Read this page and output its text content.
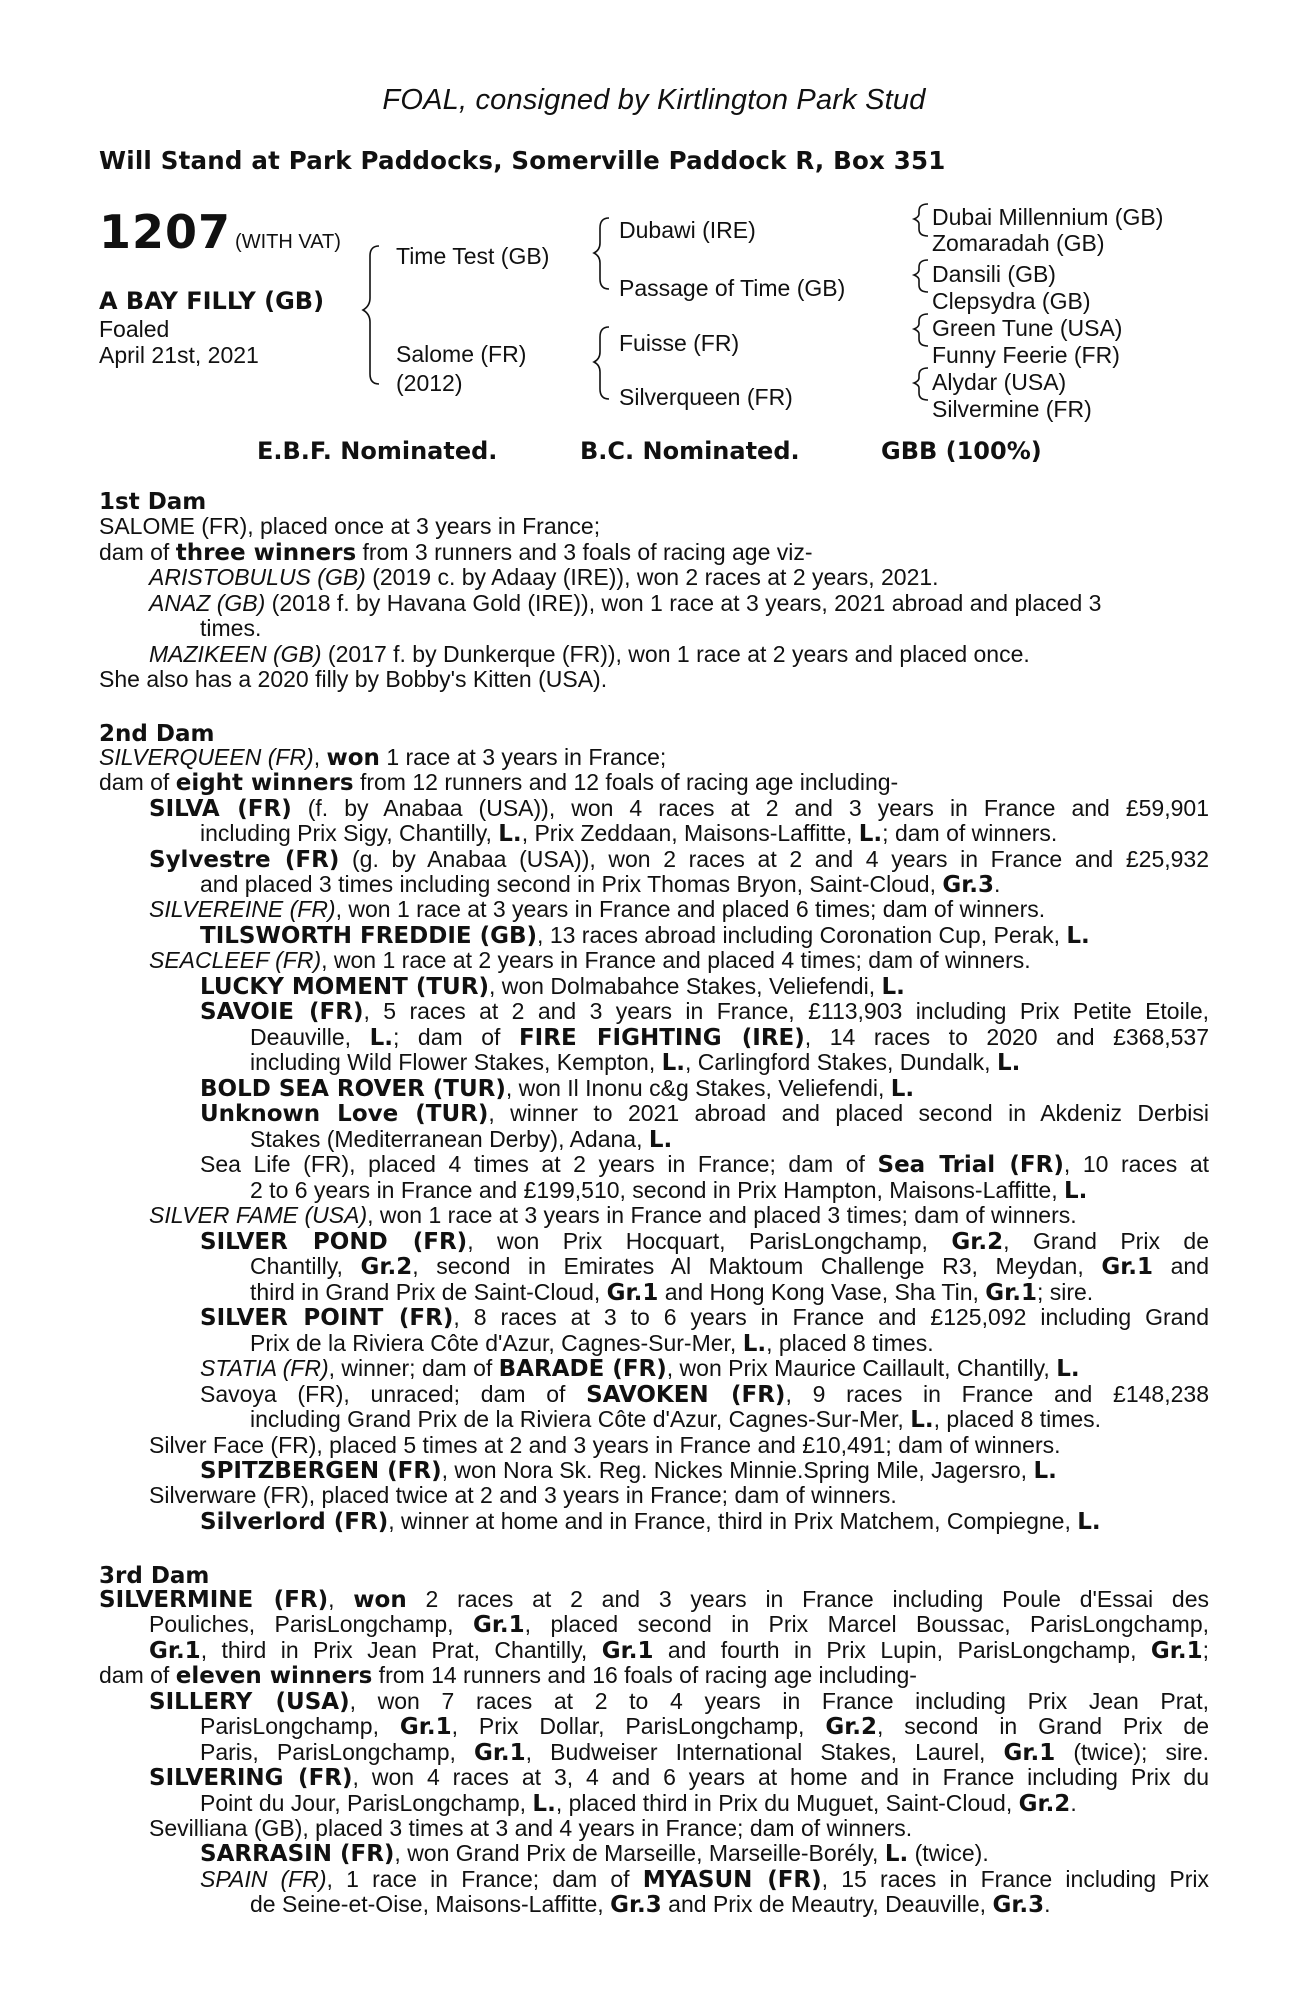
FOAL, consigned by Kirtlington Park Stud
Will Stand at Park Paddocks, Somerville Paddock R, Box 351
1207 (WITH VAT)
A BAY FILLY (GB)
Foaled
April 21st, 2021
Time Test (GB)
Salome (FR)
(2012)
Dubawi (IRE)
Passage of Time (GB)
Fuisse (FR)
Silverqueen (FR)
Dubai Millennium (GB)
Zomaradah (GB)
Dansili (GB)
Clepsydra (GB)
Green Tune (USA)
Funny Feerie (FR)
Alydar (USA)
Silvermine (FR)
E.B.F. Nominated.	B.C. Nominated.	GBB (100%)
1st Dam
SALOME (FR), placed once at 3 years in France;
dam of three winners from 3 runners and 3 foals of racing age viz-
ARISTOBULUS (GB) (2019 c. by Adaay (IRE)), won 2 races at 2 years, 2021.
ANAZ (GB) (2018 f. by Havana Gold (IRE)), won 1 race at 3 years, 2021 abroad and placed 3
times.
MAZIKEEN (GB) (2017 f. by Dunkerque (FR)), won 1 race at 2 years and placed once.
She also has a 2020 filly by Bobby's Kitten (USA).
2nd Dam
SILVERQUEEN (FR), won 1 race at 3 years in France;
dam of eight winners from 12 runners and 12 foals of racing age including-
SILVA (FR) (f. by Anabaa (USA)), won 4 races at 2 and 3 years in France and £59,901
including Prix Sigy, Chantilly, L., Prix Zeddaan, Maisons-Laffitte, L.; dam of winners.
Sylvestre (FR) (g. by Anabaa (USA)), won 2 races at 2 and 4 years in France and £25,932
and placed 3 times including second in Prix Thomas Bryon, Saint-Cloud, Gr.3.
SILVEREINE (FR), won 1 race at 3 years in France and placed 6 times; dam of winners.
TILSWORTH FREDDIE (GB), 13 races abroad including Coronation Cup, Perak, L.
SEACLEEF (FR), won 1 race at 2 years in France and placed 4 times; dam of winners.
LUCKY MOMENT (TUR), won Dolmabahce Stakes, Veliefendi, L.
SAVOIE (FR), 5 races at 2 and 3 years in France, £113,903 including Prix Petite Etoile,
Deauville, L.; dam of FIRE FIGHTING (IRE), 14 races to 2020 and £368,537
including Wild Flower Stakes, Kempton, L., Carlingford Stakes, Dundalk, L.
BOLD SEA ROVER (TUR), won Il Inonu c&g Stakes, Veliefendi, L.
Unknown Love (TUR), winner to 2021 abroad and placed second in Akdeniz Derbisi
Stakes (Mediterranean Derby), Adana, L.
Sea Life (FR), placed 4 times at 2 years in France; dam of Sea Trial (FR), 10 races at
2 to 6 years in France and £199,510, second in Prix Hampton, Maisons-Laffitte, L.
SILVER FAME (USA), won 1 race at 3 years in France and placed 3 times; dam of winners.
SILVER POND (FR), won Prix Hocquart, ParisLongchamp, Gr.2, Grand Prix de
Chantilly, Gr.2, second in Emirates Al Maktoum Challenge R3, Meydan, Gr.1 and
third in Grand Prix de Saint-Cloud, Gr.1 and Hong Kong Vase, Sha Tin, Gr.1; sire.
SILVER POINT (FR), 8 races at 3 to 6 years in France and £125,092 including Grand
Prix de la Riviera Côte d'Azur, Cagnes-Sur-Mer, L., placed 8 times.
STATIA (FR), winner; dam of BARADE (FR), won Prix Maurice Caillault, Chantilly, L.
Savoya (FR), unraced; dam of SAVOKEN (FR), 9 races in France and £148,238
including Grand Prix de la Riviera Côte d'Azur, Cagnes-Sur-Mer, L., placed 8 times.
Silver Face (FR), placed 5 times at 2 and 3 years in France and £10,491; dam of winners.
SPITZBERGEN (FR), won Nora Sk. Reg. Nickes Minnie.Spring Mile, Jagersro, L.
Silverware (FR), placed twice at 2 and 3 years in France; dam of winners.
Silverlord (FR), winner at home and in France, third in Prix Matchem, Compiegne, L.
3rd Dam
SILVERMINE (FR), won 2 races at 2 and 3 years in France including Poule d'Essai des
Pouliches, ParisLongchamp, Gr.1, placed second in Prix Marcel Boussac, ParisLongchamp,
Gr.1, third in Prix Jean Prat, Chantilly, Gr.1 and fourth in Prix Lupin, ParisLongchamp, Gr.1;
dam of eleven winners from 14 runners and 16 foals of racing age including-
SILLERY (USA), won 7 races at 2 to 4 years in France including Prix Jean Prat,
ParisLongchamp, Gr.1, Prix Dollar, ParisLongchamp, Gr.2, second in Grand Prix de
Paris, ParisLongchamp, Gr.1, Budweiser International Stakes, Laurel, Gr.1 (twice); sire.
SILVERING (FR), won 4 races at 3, 4 and 6 years at home and in France including Prix du
Point du Jour, ParisLongchamp, L., placed third in Prix du Muguet, Saint-Cloud, Gr.2.
Sevilliana (GB), placed 3 times at 3 and 4 years in France; dam of winners.
SARRASIN (FR), won Grand Prix de Marseille, Marseille-Borély, L. (twice).
SPAIN (FR), 1 race in France; dam of MYASUN (FR), 15 races in France including Prix
de Seine-et-Oise, Maisons-Laffitte, Gr.3 and Prix de Meautry, Deauville, Gr.3.
